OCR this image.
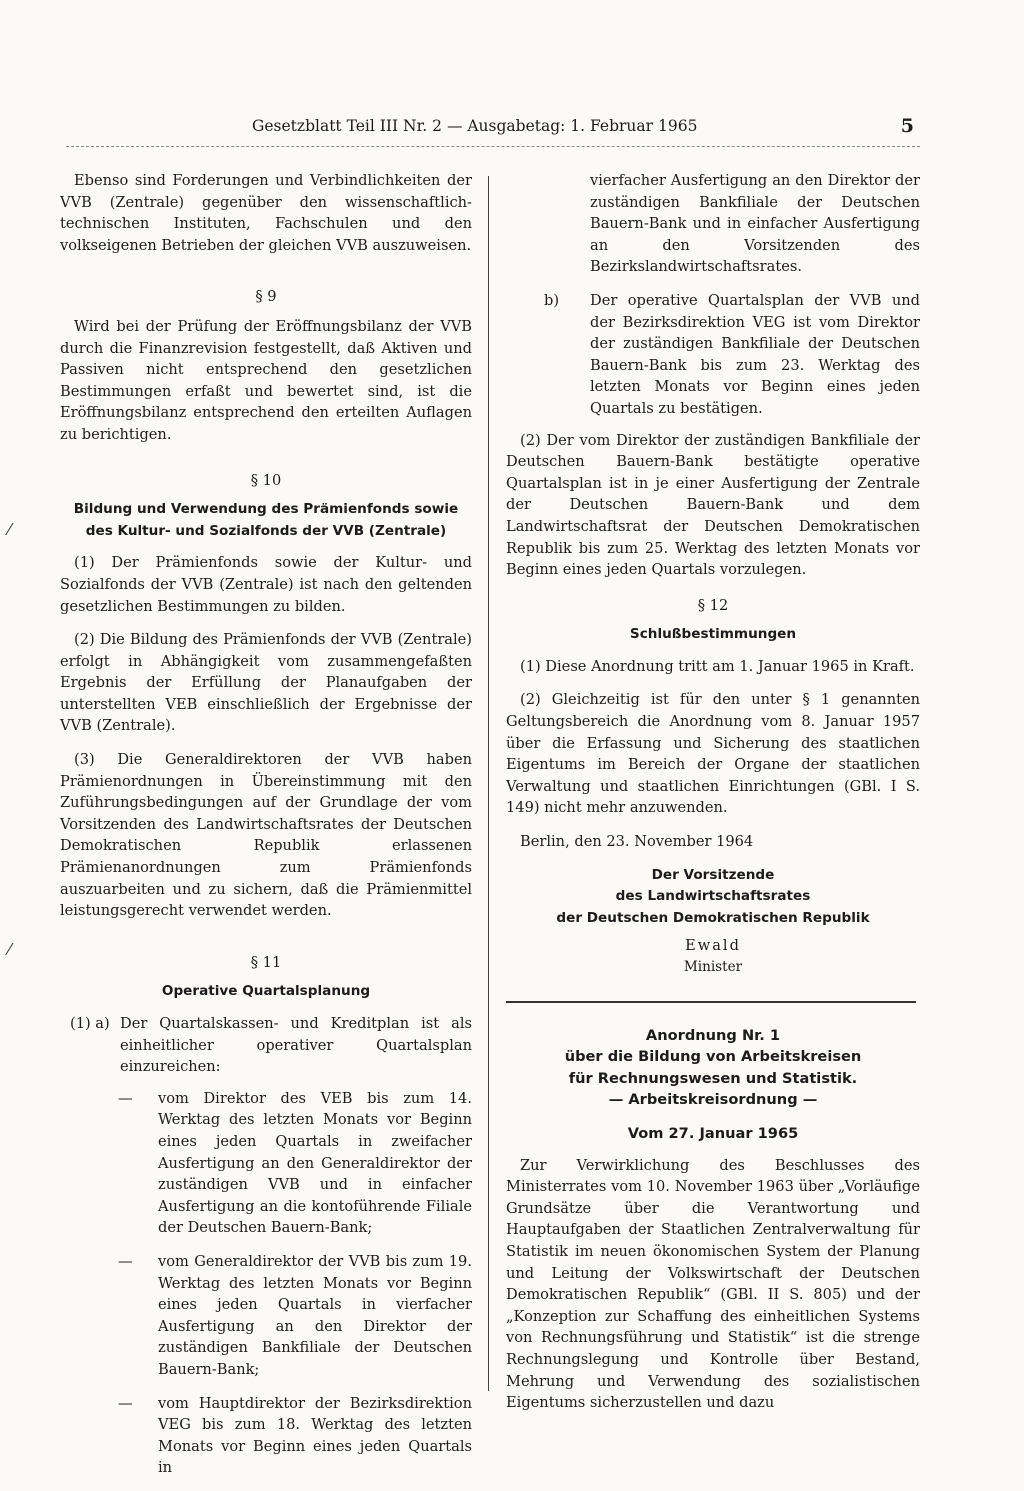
Gesetzblatt Teil III Nr. 2 — Ausgabetag: 1. Februar 1965	5
⁄
⁄

Ebenso sind Forderungen und Verbindlichkeiten der VVB (Zentrale) gegenüber den wissenschaftlich-technischen Instituten, Fachschulen und den volkseigenen Betrieben der gleichen VVB auszuweisen.

§ 9

Wird bei der Prüfung der Eröffnungsbilanz der VVB durch die Finanzrevision festgestellt, daß Aktiven und Passiven nicht entsprechend den gesetzlichen Bestimmungen erfaßt und bewertet sind, ist die Eröffnungsbilanz entsprechend den erteilten Auflagen zu berichtigen.

§ 10
Bildung und Verwendung des Prämienfonds sowie des Kultur- und Sozialfonds der VVB (Zentrale)

(1) Der Prämienfonds sowie der Kultur- und Sozialfonds der VVB (Zentrale) ist nach den geltenden gesetzlichen Bestimmungen zu bilden.

(2) Die Bildung des Prämienfonds der VVB (Zentrale) erfolgt in Abhängigkeit vom zusammengefaßten Ergebnis der Erfüllung der Planaufgaben der unterstellten VEB einschließlich der Ergebnisse der VVB (Zentrale).

(3) Die Generaldirektoren der VVB haben Prämienordnungen in Übereinstimmung mit den Zuführungsbedingungen auf der Grundlage der vom Vorsitzenden des Landwirtschaftsrates der Deutschen Demokratischen Republik erlassenen Prämienanordnungen zum Prämienfonds auszuarbeiten und zu sichern, daß die Prämienmittel leistungsgerecht verwendet werden.

§ 11
Operative Quartalsplanung
(1) a) Der Quartalskassen- und Kreditplan ist als einheitlicher operativer Quartalsplan einzureichen:
— vom Direktor des VEB bis zum 14. Werktag des letzten Monats vor Beginn eines jeden Quartals in zweifacher Ausfertigung an den Generaldirektor der zuständigen VVB und in einfacher Ausfertigung an die kontoführende Filiale der Deutschen Bauern-Bank;
— vom Generaldirektor der VVB bis zum 19. Werktag des letzten Monats vor Beginn eines jeden Quartals in vierfacher Ausfertigung an den Direktor der zuständigen Bankfiliale der Deutschen Bauern-Bank;
— vom Hauptdirektor der Bezirksdirektion VEG bis zum 18. Werktag des letzten Monats vor Beginn eines jeden Quartals in

vierfacher Ausfertigung an den Direktor der zuständigen Bankfiliale der Deutschen Bauern-Bank und in einfacher Ausfertigung an den Vorsitzenden des Bezirkslandwirtschaftsrates.

b) Der operative Quartalsplan der VVB und der Bezirksdirektion VEG ist vom Direktor der zuständigen Bankfiliale der Deutschen Bauern-Bank bis zum 23. Werktag des letzten Monats vor Beginn eines jeden Quartals zu bestätigen.

(2) Der vom Direktor der zuständigen Bankfiliale der Deutschen Bauern-Bank bestätigte operative Quartalsplan ist in je einer Ausfertigung der Zentrale der Deutschen Bauern-Bank und dem Landwirtschaftsrat der Deutschen Demokratischen Republik bis zum 25. Werktag des letzten Monats vor Beginn eines jeden Quartals vorzulegen.

§ 12
Schlußbestimmungen

(1) Diese Anordnung tritt am 1. Januar 1965 in Kraft.

(2) Gleichzeitig ist für den unter § 1 genannten Geltungsbereich die Anordnung vom 8. Januar 1957 über die Erfassung und Sicherung des staatlichen Eigentums im Bereich der Organe der staatlichen Verwaltung und staatlichen Einrichtungen (GBl. I S. 149) nicht mehr anzuwenden.

Berlin, den 23. November 1964

Der Vorsitzende
des Landwirtschaftsrates
der Deutschen Demokratischen Republik
Ewald
Minister
Anordnung Nr. 1
über die Bildung von Arbeitskreisen
für Rechnungswesen und Statistik.
— Arbeitskreisordnung —
Vom 27. Januar 1965

Zur Verwirklichung des Beschlusses des Ministerrates vom 10. November 1963 über „Vorläufige Grundsätze über die Verantwortung und Hauptaufgaben der Staatlichen Zentralverwaltung für Statistik im neuen ökonomischen System der Planung und Leitung der Volkswirtschaft der Deutschen Demokratischen Republik“ (GBl. II S. 805) und der „Konzeption zur Schaffung des einheitlichen Systems von Rechnungsführung und Statistik“ ist die strenge Rechnungslegung und Kontrolle über Bestand, Mehrung und Verwendung des sozialistischen Eigentums sicherzustellen und dazu
